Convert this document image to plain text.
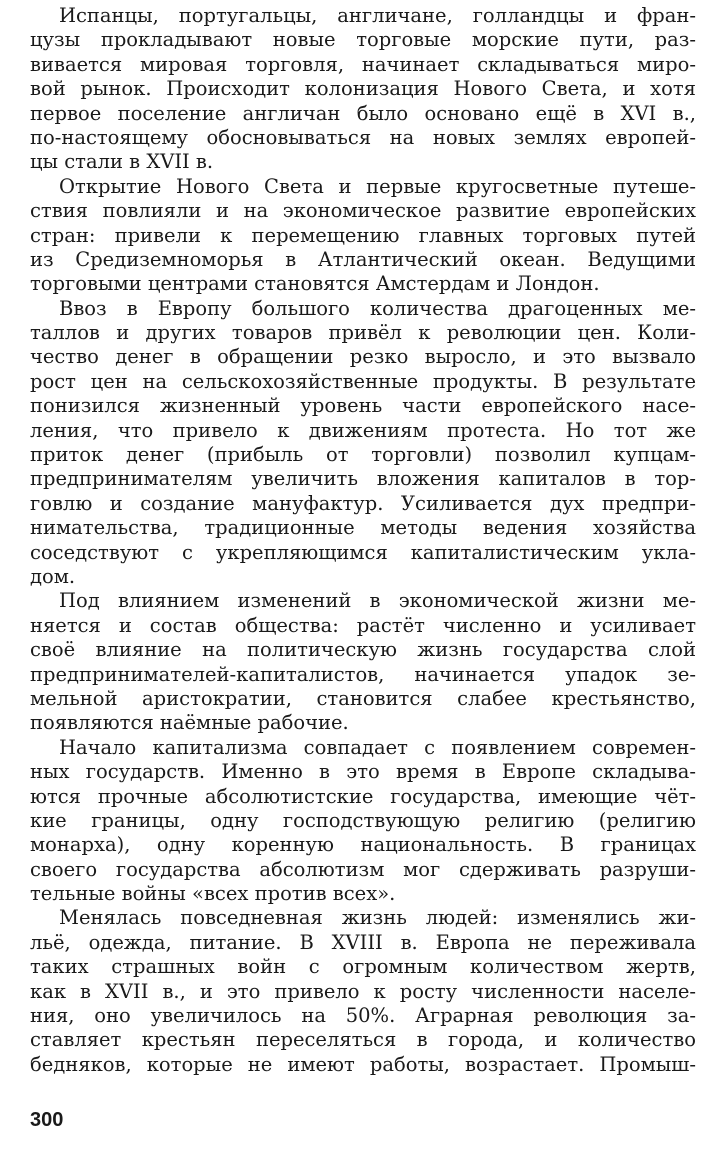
Испанцы, португальцы, англичане, голландцы и фран-
цузы прокладывают новые торговые морские пути, раз-
вивается мировая торговля, начинает складываться миро-
вой рынок. Происходит колонизация Нового Света, и хотя
первое поселение англичан было основано ещё в XVI в.,
по-настоящему обосновываться на новых землях европей-
цы стали в XVII в.
Открытие Нового Света и первые кругосветные путеше-
ствия повлияли и на экономическое развитие европейских
стран: привели к перемещению главных торговых путей
из Средиземноморья в Атлантический океан. Ведущими
торговыми центрами становятся Амстердам и Лондон.
Ввоз в Европу большого количества драгоценных ме-
таллов и других товаров привёл к революции цен. Коли-
чество денег в обращении резко выросло, и это вызвало
рост цен на сельскохозяйственные продукты. В результате
понизился жизненный уровень части европейского насе-
ления, что привело к движениям протеста. Но тот же
приток денег (прибыль от торговли) позволил купцам-
предпринимателям увеличить вложения капиталов в тор-
говлю и создание мануфактур. Усиливается дух предпри-
нимательства, традиционные методы ведения хозяйства
соседствуют с укрепляющимся капиталистическим укла-
дом.
Под влиянием изменений в экономической жизни ме-
няется и состав общества: растёт численно и усиливает
своё влияние на политическую жизнь государства слой
предпринимателей-капиталистов, начинается упадок зе-
мельной аристократии, становится слабее крестьянство,
появляются наёмные рабочие.
Начало капитализма совпадает с появлением современ-
ных государств. Именно в это время в Европе складыва-
ются прочные абсолютистские государства, имеющие чёт-
кие границы, одну господствующую религию (религию
монарха), одну коренную национальность. В границах
своего государства абсолютизм мог сдерживать разруши-
тельные войны «всех против всех».
Менялась повседневная жизнь людей: изменялись жи-
льё, одежда, питание. В XVIII в. Европа не переживала
таких страшных войн с огромным количеством жертв,
как в XVII в., и это привело к росту численности населе-
ния, оно увеличилось на 50%. Аграрная революция за-
ставляет крестьян переселяться в города, и количество
бедняков, которые не имеют работы, возрастает. Промыш-
300
